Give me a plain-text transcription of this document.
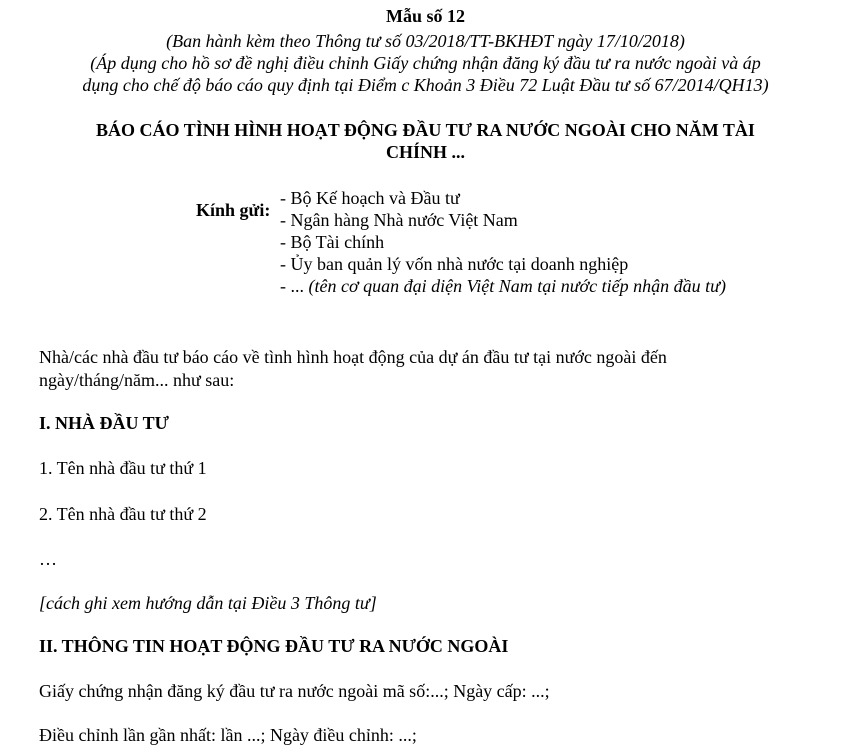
Mẫu số 12
(Ban hành kèm theo Thông tư số 03/2018/TT-BKHĐT ngày 17/10/2018)
(Áp dụng cho hồ sơ đề nghị điều chỉnh Giấy chứng nhận đăng ký đầu tư ra nước ngoài và áp
dụng cho chế độ báo cáo quy định tại Điểm c Khoản 3 Điều 72 Luật Đầu tư số 67/2014/QH13)
BÁO CÁO TÌNH HÌNH HOẠT ĐỘNG ĐẦU TƯ RA NƯỚC NGOÀI CHO NĂM TÀI
CHÍNH ...
Kính gửi:
- Bộ Kế hoạch và Đầu tư
- Ngân hàng Nhà nước Việt Nam
- Bộ Tài chính
- Ủy ban quản lý vốn nhà nước tại doanh nghiệp
- ... (tên cơ quan đại diện Việt Nam tại nước tiếp nhận đầu tư)
Nhà/các nhà đầu tư báo cáo về tình hình hoạt động của dự án đầu tư tại nước ngoài đến ngày/tháng/năm... như sau:
I. NHÀ ĐẦU TƯ
1. Tên nhà đầu tư thứ 1
2. Tên nhà đầu tư thứ 2
…
[cách ghi xem hướng dẫn tại Điều 3 Thông tư]
II. THÔNG TIN HOẠT ĐỘNG ĐẦU TƯ RA NƯỚC NGOÀI
Giấy chứng nhận đăng ký đầu tư ra nước ngoài mã số:...; Ngày cấp: ...;
Điều chỉnh lần gần nhất: lần ...; Ngày điều chỉnh: ...;
